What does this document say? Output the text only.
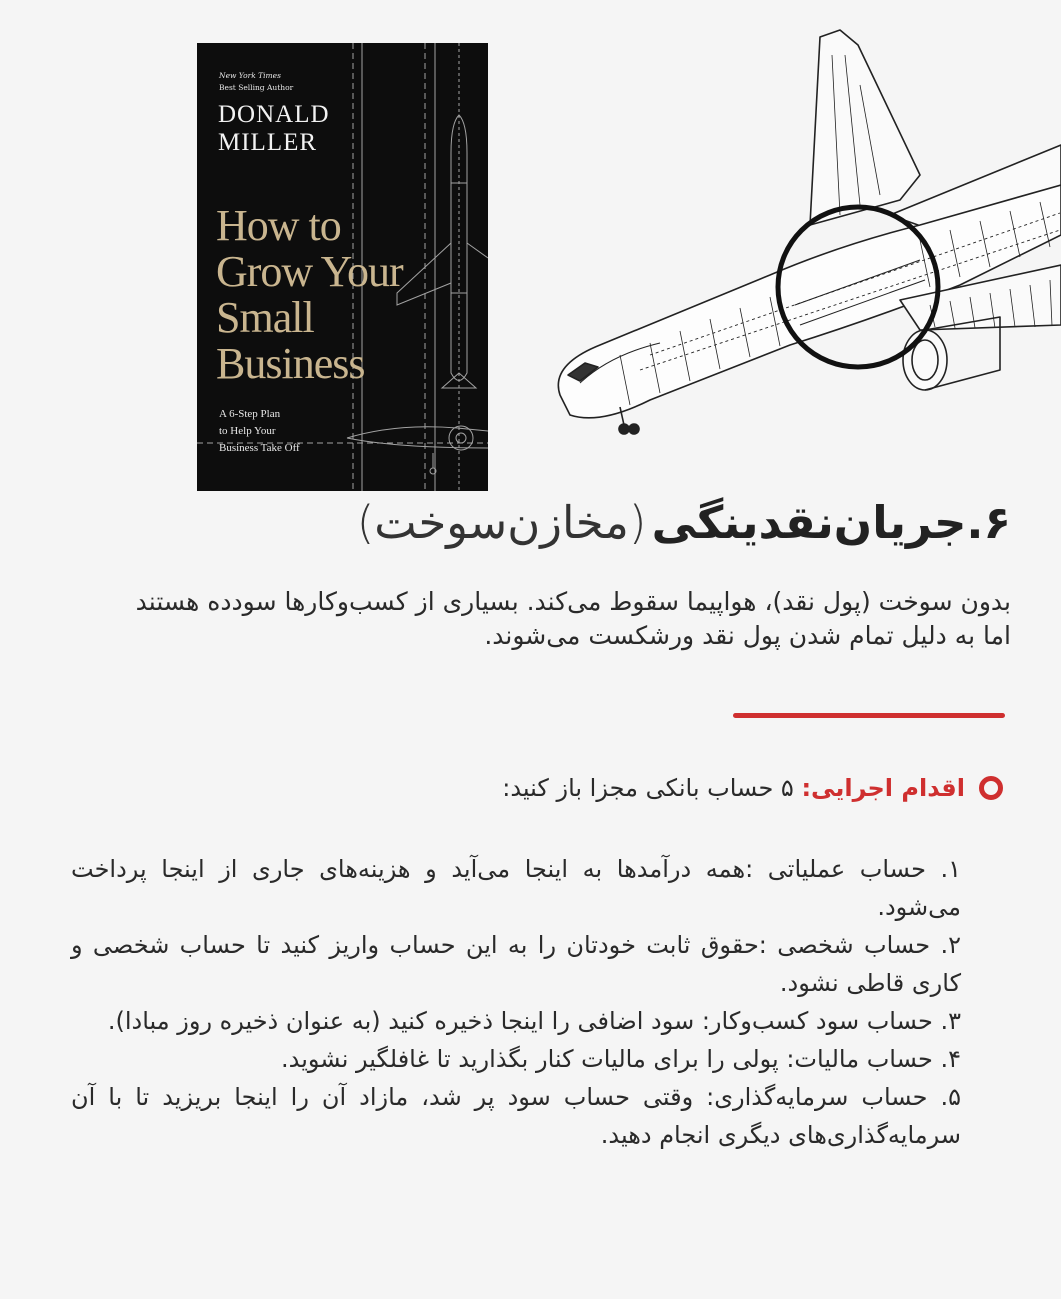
New York Times
Best Selling Author
DONALD
MILLER
How to
Grow Your
Small
Business
A 6-Step Plan
to Help Your
Business Take Off
۶.جریان‌نقدینگی (مخازن‌سوخت)
بدون سوخت (پول نقد)، هواپیما سقوط می‌کند. بسیاری از کسب‌وکارها سودده هستند اما به دلیل تمام شدن پول نقد ورشکست می‌شوند.
اقدام اجرایی: ۵ حساب بانکی مجزا باز کنید:

۱. حساب عملیاتی :همه درآمدها به اینجا می‌آید و هزینه‌های جاری از اینجا پرداخت می‌شود.

۲. حساب شخصی :حقوق ثابت خودتان را به این حساب واریز کنید تا حساب شخصی و کاری قاطی نشود.

۳. حساب سود کسب‌وکار: سود اضافی را اینجا ذخیره کنید (به عنوان ذخیره روز مبادا).

۴. حساب مالیات: پولی را برای مالیات کنار بگذارید تا غافلگیر نشوید.

۵. حساب سرمایه‌گذاری: وقتی حساب سود پر شد، مازاد آن را اینجا بریزید تا با آن سرمایه‌گذاری‌های دیگری انجام دهید.
